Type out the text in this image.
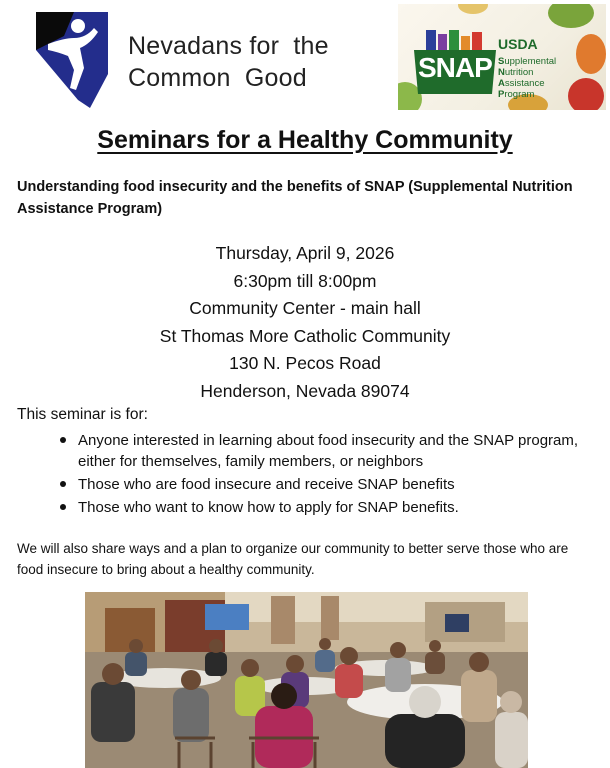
Nevadans for  the
Common  Good	SNAP
USDA
Supplemental
Nutrition
Assistance
Program
Seminars for a Healthy Community

Understanding food insecurity and the benefits of SNAP (Supplemental Nutrition Assistance Program)

Thursday, April 9, 2026
6:30pm till 8:00pm
Community Center - main hall
St Thomas More Catholic Community
130 N. Pecos Road
Henderson, Nevada 89074

This seminar is for:

Anyone interested in learning about food insecurity and the SNAP program, either for themselves, family members, or neighbors
Those who are food insecure and receive SNAP benefits
Those who want to know how to apply for SNAP benefits.

We will also share ways and a plan to organize our community to better serve those who are food insecure to bring about a healthy community.
